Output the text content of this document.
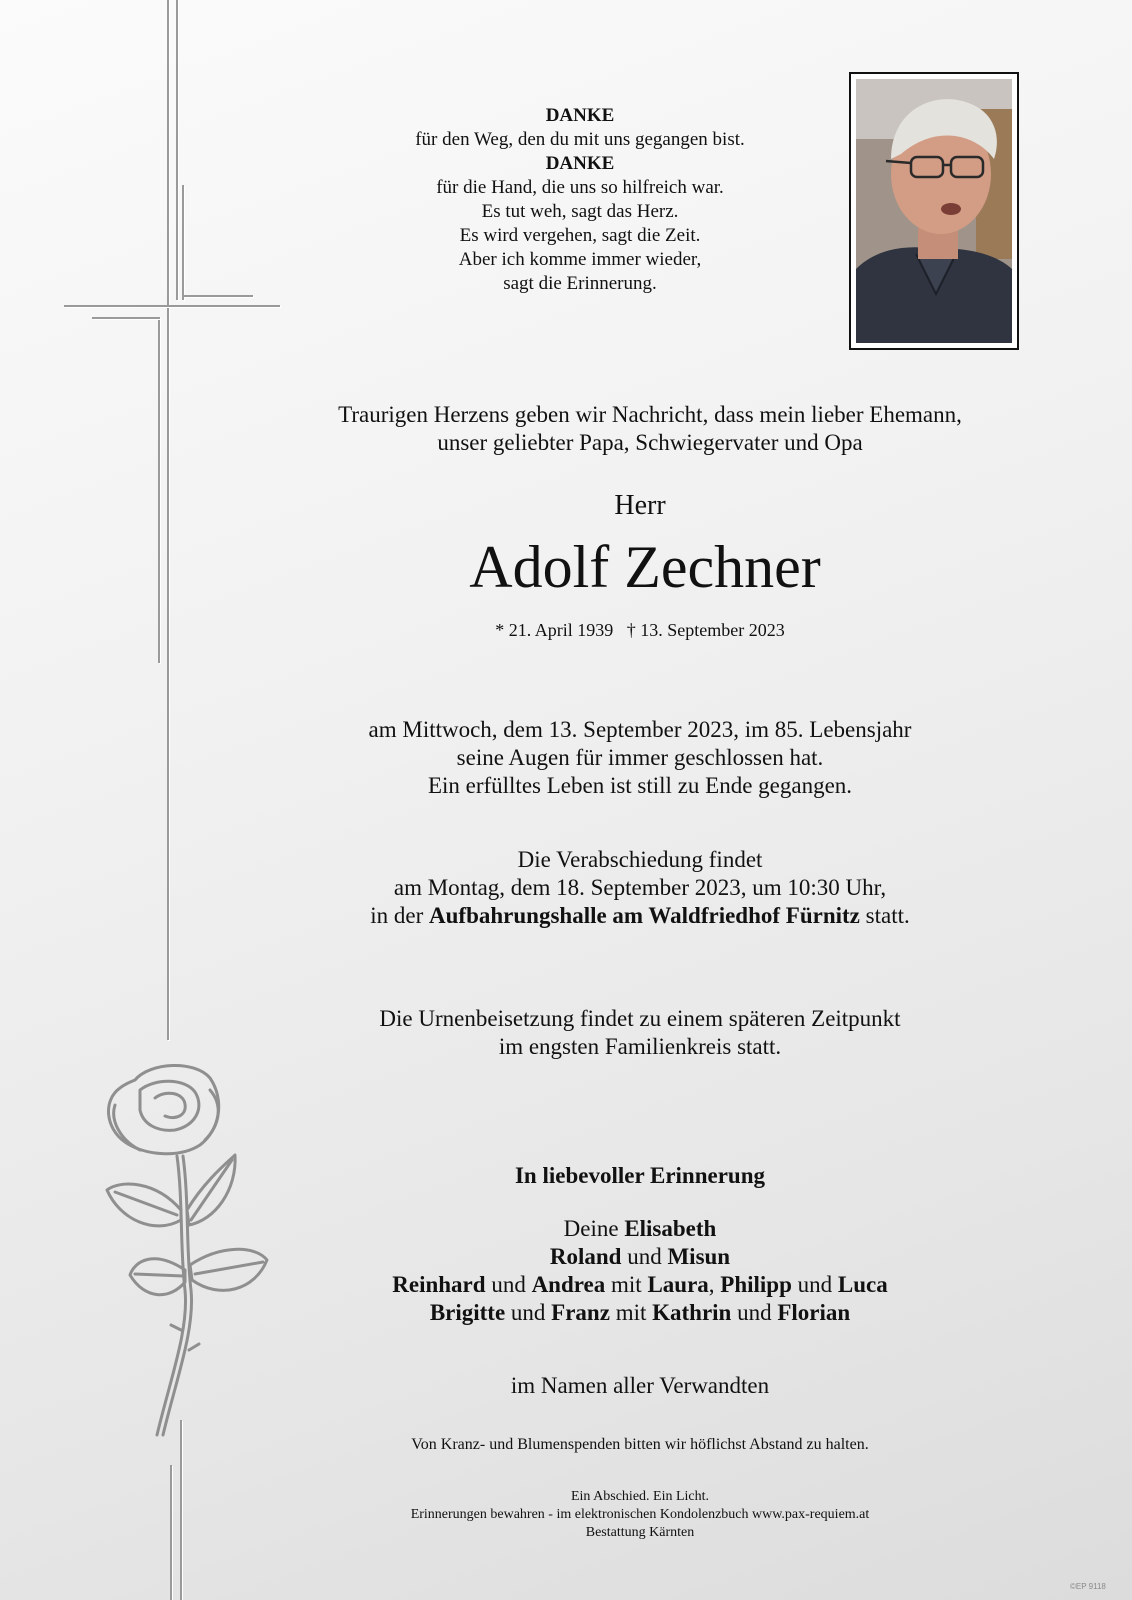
DANKE
für den Weg, den du mit uns gegangen bist.
DANKE
für die Hand, die uns so hilfreich war.
Es tut weh, sagt das Herz.
Es wird vergehen, sagt die Zeit.
Aber ich komme immer wieder,
sagt die Erinnerung.
Traurigen Herzens geben wir Nachricht, dass mein lieber Ehemann,
unser geliebter Papa, Schwiegervater und Opa
Herr
Adolf Zechner
* 21. April 1939   † 13. September 2023
am Mittwoch, dem 13. September 2023, im 85. Lebensjahr
seine Augen für immer geschlossen hat.
Ein erfülltes Leben ist still zu Ende gegangen.
Die Verabschiedung findet
am Montag, dem 18. September 2023, um 10:30 Uhr,
in der Aufbahrungshalle am Waldfriedhof Fürnitz statt.
Die Urnenbeisetzung findet zu einem späteren Zeitpunkt
im engsten Familienkreis statt.
In liebevoller Erinnerung
Deine Elisabeth
Roland und Misun
Reinhard und Andrea mit Laura, Philipp und Luca
Brigitte und Franz mit Kathrin und Florian
im Namen aller Verwandten
Von Kranz- und Blumenspenden bitten wir höflichst Abstand zu halten.
Ein Abschied. Ein Licht.
Erinnerungen bewahren - im elektronischen Kondolenzbuch www.pax-requiem.at
Bestattung Kärnten
©EP 9118
